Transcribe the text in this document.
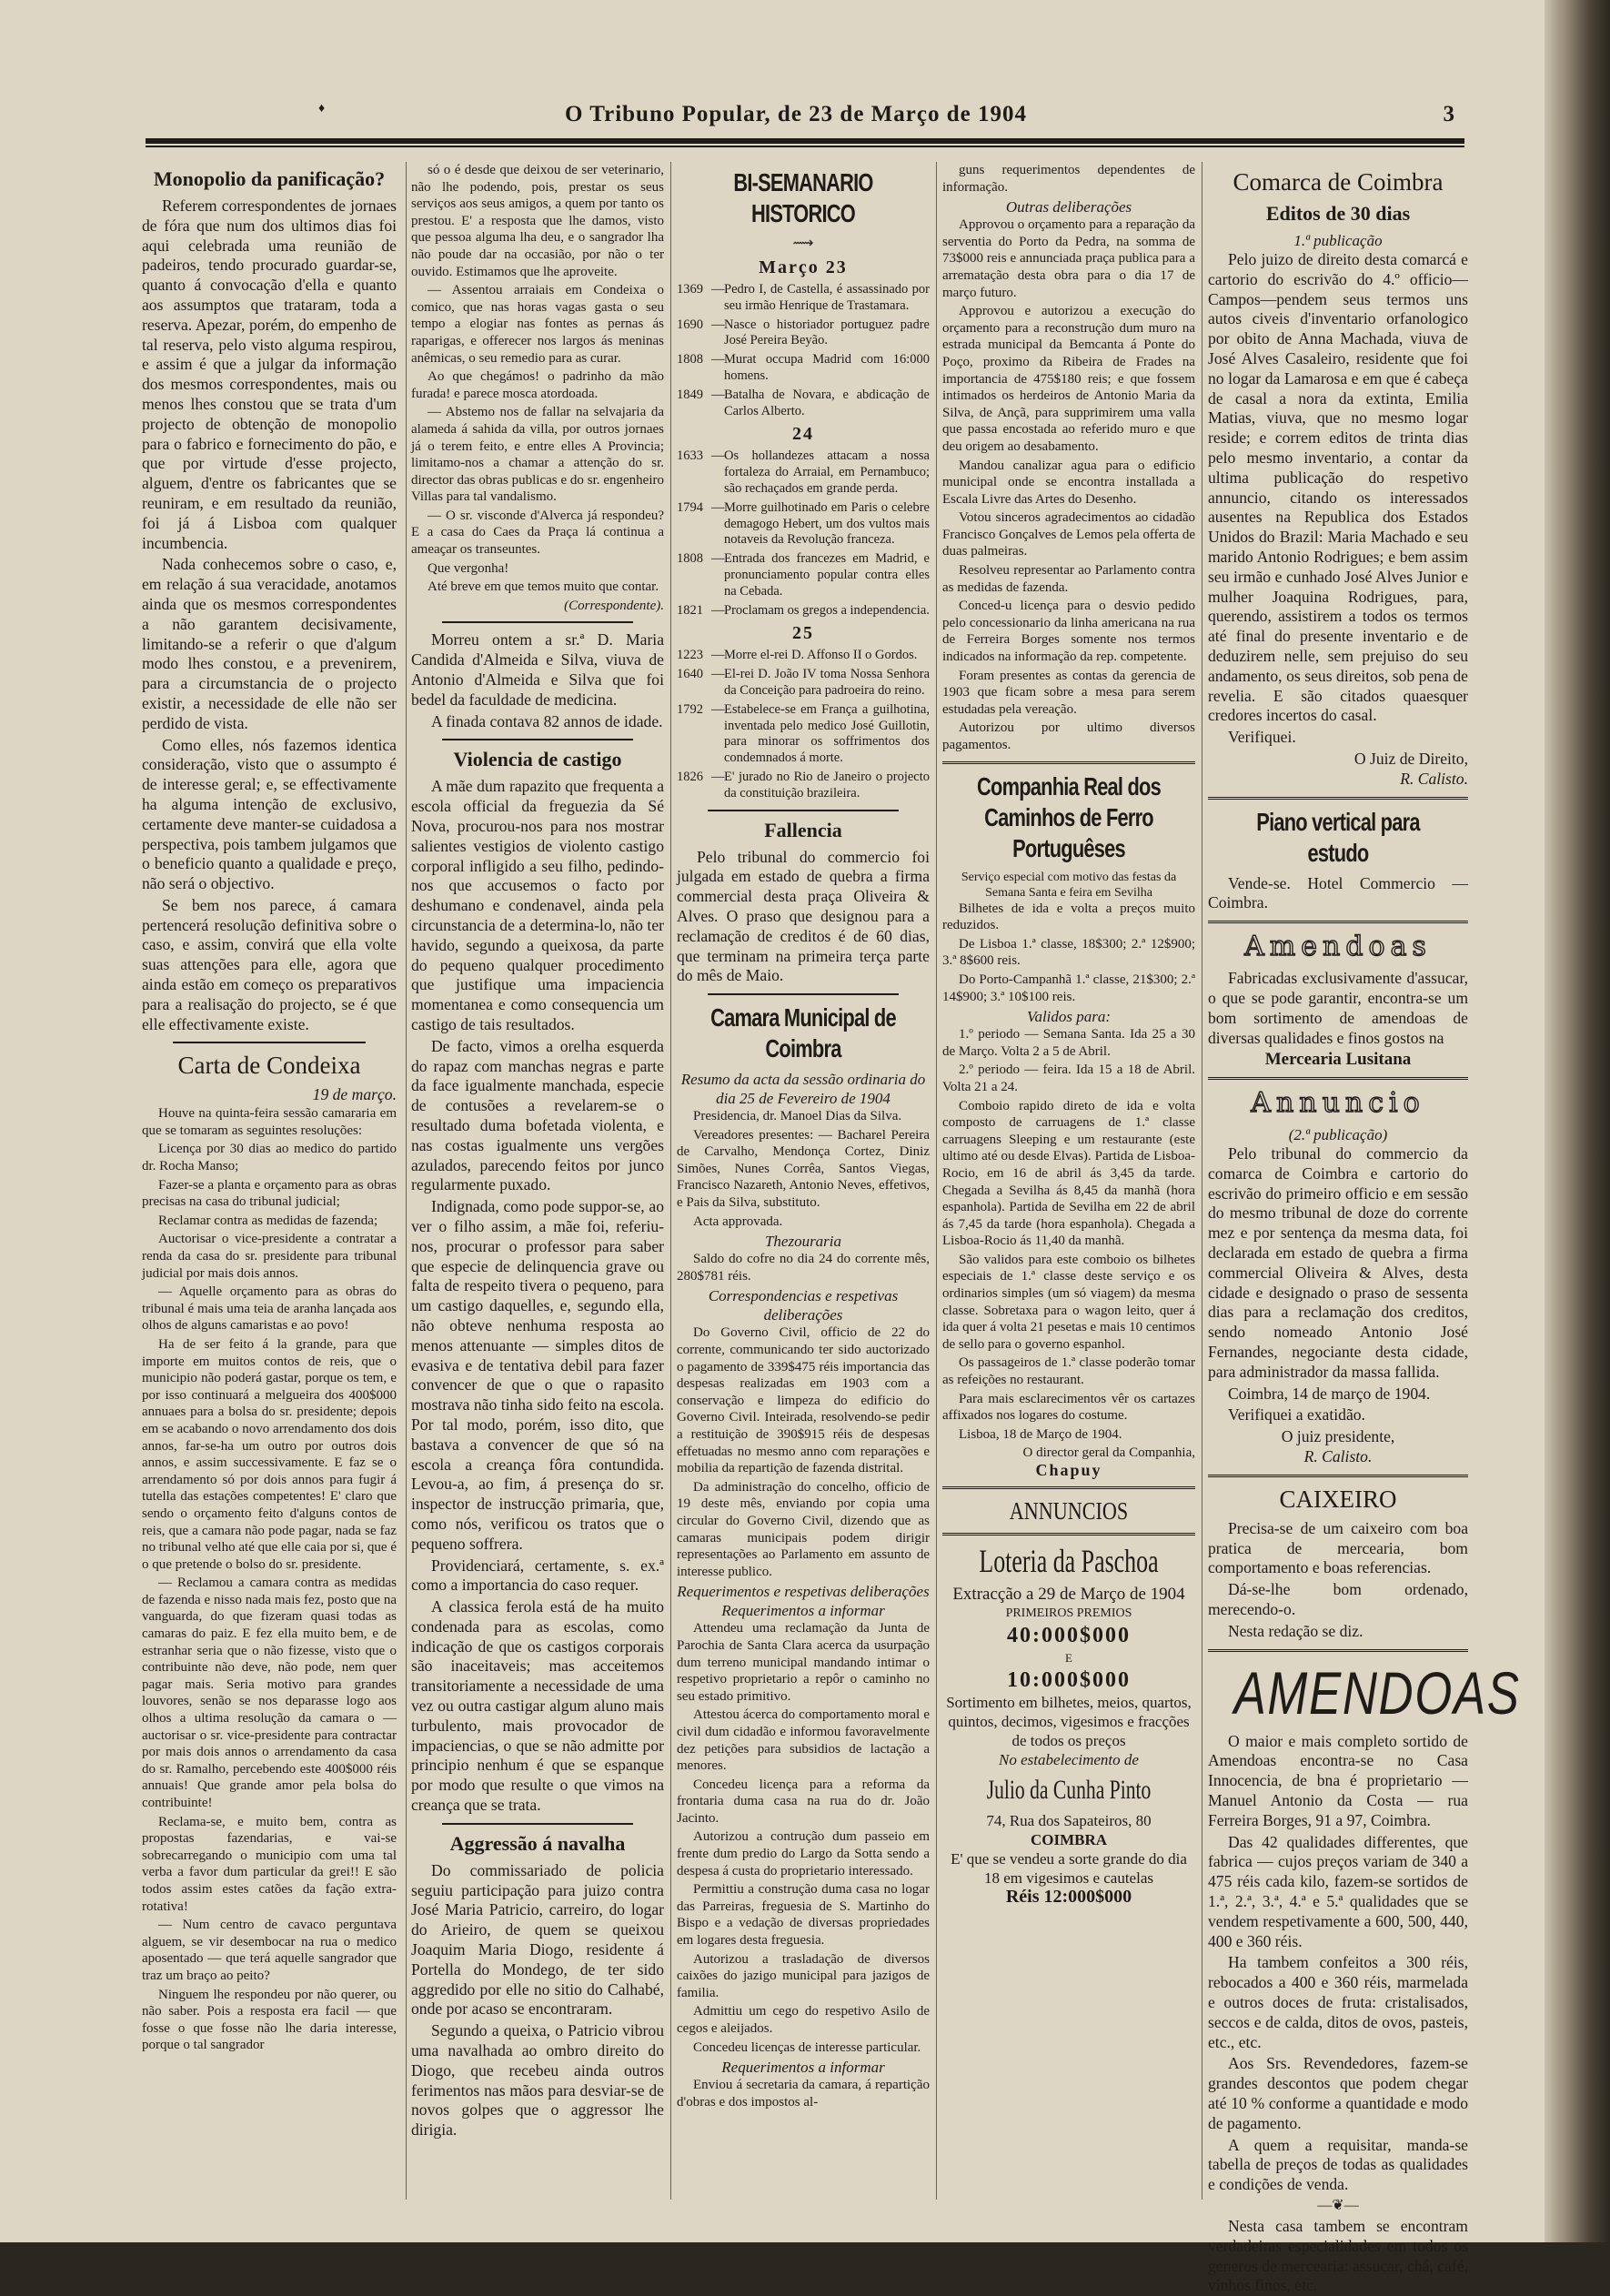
♦	O Tribuno Popular, de 23 de Março de 1904	3
Monopolio da panificação?

Referem correspondentes de jornaes de fóra que num dos ultimos dias foi aqui celebrada uma reunião de padeiros, tendo procurado guardar-se, quanto á convocação d'ella e quanto aos assumptos que trataram, toda a reserva. Apezar, porém, do empenho de tal reserva, pelo visto alguma respirou, e assim é que a julgar da informação dos mesmos correspondentes, mais ou menos lhes constou que se trata d'um projecto de obtenção de monopolio para o fabrico e fornecimento do pão, e que por virtude d'esse projecto, alguem, d'entre os fabricantes que se reuniram, e em resultado da reunião, foi já á Lisboa com qualquer incumbencia.

Nada conhecemos sobre o caso, e, em relação á sua veracidade, anotamos ainda que os mesmos correspondentes a não garantem decisivamente, limitando-se a referir o que d'algum modo lhes constou, e a prevenirem, para a circumstancia de o projecto existir, a necessidade de elle não ser perdido de vista.

Como elles, nós fazemos identica consideração, visto que o assumpto é de interesse geral; e, se effectivamente ha alguma intenção de exclusivo, certamente deve manter-se cuidadosa a perspectiva, pois tambem julgamos que o beneficio quanto a qualidade e preço, não será o objectivo.

Se bem nos parece, á camara pertencerá resolução definitiva sobre o caso, e assim, convirá que ella volte suas attenções para elle, agora que ainda estão em começo os preparativos para a realisação do projecto, se é que elle effectivamente existe.

Carta de Condeixa
19 de março.

Houve na quinta-feira sessão camararia em que se tomaram as seguintes resoluções:

Licença por 30 dias ao medico do partido dr. Rocha Manso;

Fazer-se a planta e orçamento para as obras precisas na casa do tribunal judicial;

Reclamar contra as medidas de fazenda;

Auctorisar o vice-presidente a contratar a renda da casa do sr. presidente para tribunal judicial por mais dois annos.

— Aquelle orçamento para as obras do tribunal é mais uma teia de aranha lançada aos olhos de alguns camaristas e ao povo!

Ha de ser feito á la grande, para que importe em muitos contos de reis, que o municipio não poderá gastar, porque os tem, e por isso continuará a melgueira dos 400$000 annuaes para a bolsa do sr. presidente; depois em se acabando o novo arrendamento dos dois annos, far-se-ha um outro por outros dois annos, e assim successivamente. E faz se o arrendamento só por dois annos para fugir á tutella das estações competentes! E' claro que sendo o orçamento feito d'alguns contos de reis, que a camara não pode pagar, nada se faz no tribunal velho até que elle caia por si, que é o que pretende o bolso do sr. presidente.

— Reclamou a camara contra as medidas de fazenda e nisso nada mais fez, posto que na vanguarda, do que fizeram quasi todas as camaras do paiz. E fez ella muito bem, e de estranhar seria que o não fizesse, visto que o contribuinte não deve, não pode, nem quer pagar mais. Seria motivo para grandes louvores, senão se nos deparasse logo aos olhos a ultima resolução da camara o — auctorisar o sr. vice-presidente para contractar por mais dois annos o arrendamento da casa do sr. Ramalho, percebendo este 400$000 réis annuais! Que grande amor pela bolsa do contribuinte!

Reclama-se, e muito bem, contra as propostas fazendarias, e vai-se sobrecarregando o municipio com uma tal verba a favor dum particular da grei!! E são todos assim estes catões da fação extra-rotativa!

— Num centro de cavaco perguntava alguem, se vir desembocar na rua o medico aposentado — que terá aquelle sangrador que traz um braço ao peito?

Ninguem lhe respondeu por não querer, ou não saber. Pois a resposta era facil — que fosse o que fosse não lhe daria interesse, porque o tal sangrador

só o é desde que deixou de ser veterinario, não lhe podendo, pois, prestar os seus serviços aos seus amigos, a quem por tanto os prestou. E' a resposta que lhe damos, visto que pessoa alguma lha deu, e o sangrador lha não poude dar na occasião, por não o ter ouvido. Estimamos que lhe aproveite.

— Assentou arraiais em Condeixa o comico, que nas horas vagas gasta o seu tempo a elogiar nas fontes as pernas ás raparigas, e offerecer nos largos ás meninas anêmicas, o seu remedio para as curar.

Ao que chegámos! o padrinho da mão furada! e parece mosca atordoada.

— Abstemo nos de fallar na selvajaria da alameda á sahida da villa, por outros jornaes já o terem feito, e entre elles A Provincia; limitamo-nos a chamar a attenção do sr. director das obras publicas e do sr. engenheiro Villas para tal vandalismo.

— O sr. visconde d'Alverca já respondeu? E a casa do Caes da Praça lá continua a ameaçar os transeuntes.

Que vergonha!

Até breve em que temos muito que contar.

(Correspondente).

Morreu ontem a sr.ª D. Maria Candida d'Almeida e Silva, viuva de Antonio d'Almeida e Silva que foi bedel da faculdade de medicina.

A finada contava 82 annos de idade.

Violencia de castigo

A mãe dum rapazito que frequenta a escola official da freguezia da Sé Nova, procurou-nos para nos mostrar salientes vestigios de violento castigo corporal infligido a seu filho, pedindo-nos que accusemos o facto por deshumano e condenavel, ainda pela circunstancia de a determina-lo, não ter havido, segundo a queixosa, da parte do pequeno qualquer procedimento que justifique uma impaciencia momentanea e como consequencia um castigo de tais resultados.

De facto, vimos a orelha esquerda do rapaz com manchas negras e parte da face igualmente manchada, especie de contusões a revelarem-se o resultado duma bofetada violenta, e nas costas igualmente uns vergões azulados, parecendo feitos por junco regularmente puxado.

Indignada, como pode suppor-se, ao ver o filho assim, a mãe foi, referiu-nos, procurar o professor para saber que especie de delinquencia grave ou falta de respeito tivera o pequeno, para um castigo daquelles, e, segundo ella, não obteve nenhuma resposta ao menos attenuante — simples ditos de evasiva e de tentativa debil para fazer convencer de que o que o rapasito mostrava não tinha sido feito na escola. Por tal modo, porém, isso dito, que bastava a convencer de que só na escola a creança fôra contundida. Levou-a, ao fim, á presença do sr. inspector de instrucção primaria, que, como nós, verificou os tratos que o pequeno soffrera.

Providenciará, certamente, s. ex.ª como a importancia do caso requer.

A classica ferola está de ha muito condenada para as escolas, como indicação de que os castigos corporais são inaceitaveis; mas acceitemos transitoriamente a necessidade de uma vez ou outra castigar algum aluno mais turbulento, mais provocador de impaciencias, o que se não admitte por principio nenhum é que se espanque por modo que resulte o que vimos na creança que se trata.

Aggressão á navalha

Do commissariado de policia seguiu participação para juizo contra José Maria Patricio, carreiro, do logar do Arieiro, de quem se queixou Joaquim Maria Diogo, residente á Portella do Mondego, de ter sido aggredido por elle no sitio do Calhabé, onde por acaso se encontraram.

Segundo a queixa, o Patricio vibrou uma navalhada ao ombro direito do Diogo, que recebeu ainda outros ferimentos nas mãos para desviar-se de novos golpes que o aggressor lhe dirigia.

BI-SEMANARIO HISTORICO
⟿
Março 23
1369 — Pedro I, de Castella, é assassinado por seu irmão Henrique de Trastamara.
1690 — Nasce o historiador portuguez padre José Pereira Beyão.
1808 — Murat occupa Madrid com 16:000 homens.
1849 — Batalha de Novara, e abdicação de Carlos Alberto.
24
1633 — Os hollandezes attacam a nossa fortaleza do Arraial, em Pernambuco; são rechaçados em grande perda.
1794 — Morre guilhotinado em Paris o celebre demagogo Hebert, um dos vultos mais notaveis da Revolução franceza.
1808 — Entrada dos francezes em Madrid, e pronunciamento popular contra elles na Cebada.
1821 — Proclamam os gregos a independencia.
25
1223 — Morre el-rei D. Affonso II o Gordos.
1640 — El-rei D. João IV toma Nossa Senhora da Conceição para padroeira do reino.
1792 — Estabelece-se em França a guilhotina, inventada pelo medico José Guillotin, para minorar os soffrimentos dos condemnados á morte.
1826 — E' jurado no Rio de Janeiro o projecto da constituição brazileira.
Fallencia

Pelo tribunal do commercio foi julgada em estado de quebra a firma commercial desta praça Oliveira & Alves. O praso que designou para a reclamação de creditos é de 60 dias, que terminam na primeira terça parte do mês de Maio.

Camara Municipal de Coimbra
Resumo da acta da sessão ordinaria do dia 25 de Fevereiro de 1904

Presidencia, dr. Manoel Dias da Silva.

Vereadores presentes: — Bacharel Pereira de Carvalho, Mendonça Cortez, Diniz Simões, Nunes Corrêa, Santos Viegas, Francisco Nazareth, Antonio Neves, effetivos, e Pais da Silva, substituto.

Acta approvada.

Thezouraria

Saldo do cofre no dia 24 do corrente mês, 280$781 réis.

Correspondencias e respetivas deliberações

Do Governo Civil, officio de 22 do corrente, communicando ter sido auctorizado o pagamento de 339$475 réis importancia das despesas realizadas em 1903 com a conservação e limpeza do edificio do Governo Civil. Inteirada, resolvendo-se pedir a restituição de 390$915 réis de despesas effetuadas no mesmo anno com reparações e mobilia da repartição de fazenda distrital.

Da administração do concelho, officio de 19 deste mês, enviando por copia uma circular do Governo Civil, dizendo que as camaras municipais podem dirigir representações ao Parlamento em assunto de interesse publico.

Requerimentos e respetivas deliberações
Requerimentos a informar

Attendeu uma reclamação da Junta de Parochia de Santa Clara acerca da usurpação dum terreno municipal mandando intimar o respetivo proprietario a repôr o caminho no seu estado primitivo.

Attestou ácerca do comportamento moral e civil dum cidadão e informou favoravelmente dez petições para subsidios de lactação a menores.

Concedeu licença para a reforma da frontaria duma casa na rua do dr. João Jacinto.

Autorizou a contrução dum passeio em frente dum predio do Largo da Sotta sendo a despesa á custa do proprietario interessado.

Permittiu a construção duma casa no logar das Parreiras, freguesia de S. Martinho do Bispo e a vedação de diversas propriedades em logares desta freguesia.

Autorizou a trasladação de diversos caixões do jazigo municipal para jazigos de familia.

Admittiu um cego do respetivo Asilo de cegos e aleijados.

Concedeu licenças de interesse particular.

Requerimentos a informar

Enviou á secretaria da camara, á repartição d'obras e dos impostos al-

guns requerimentos dependentes de informação.

Outras deliberações

Approvou o orçamento para a reparação da serventia do Porto da Pedra, na somma de 73$000 reis e annunciada praça publica para a arrematação desta obra para o dia 17 de março futuro.

Approvou e autorizou a execução do orçamento para a reconstrução dum muro na estrada municipal da Bemcanta á Ponte do Poço, proximo da Ribeira de Frades na importancia de 475$180 reis; e que fossem intimados os herdeiros de Antonio Maria da Silva, de Ançã, para supprimirem uma valla que passa encostada ao referido muro e que deu origem ao desabamento.

Mandou canalizar agua para o edificio municipal onde se encontra installada a Escala Livre das Artes do Desenho.

Votou sinceros agradecimentos ao cidadão Francisco Gonçalves de Lemos pela offerta de duas palmeiras.

Resolveu representar ao Parlamento contra as medidas de fazenda.

Conced-u licença para o desvio pedido pelo concessionario da linha americana na rua de Ferreira Borges somente nos termos indicados na informação da rep. competente.

Foram presentes as contas da gerencia de 1903 que ficam sobre a mesa para serem estudadas pela vereação.

Autorizou por ultimo diversos pagamentos.

Companhia Real dos Caminhos de Ferro Portuguêses
Serviço especial com motivo das festas da Semana Santa e feira em Sevilha

Bilhetes de ida e volta a preços muito reduzidos.

De Lisboa 1.ª classe, 18$300; 2.ª 12$900; 3.ª 8$600 reis.

Do Porto-Campanhã 1.ª classe, 21$300; 2.ª 14$900; 3.ª 10$100 reis.

Validos para:

1.º periodo — Semana Santa. Ida 25 a 30 de Março. Volta 2 a 5 de Abril.

2.º periodo — feira. Ida 15 a 18 de Abril. Volta 21 a 24.

Comboio rapido direto de ida e volta composto de carruagens de 1.ª classe carruagens Sleeping e um restaurante (este ultimo até ou desde Elvas). Partida de Lisboa-Rocio, em 16 de abril ás 3,45 da tarde. Chegada a Sevilha ás 8,45 da manhã (hora espanhola). Partida de Sevilha em 22 de abril ás 7,45 da tarde (hora espanhola). Chegada a Lisboa-Rocio ás 11,40 da manhã.

São validos para este comboio os bilhetes especiais de 1.ª classe deste serviço e os ordinarios simples (um só viagem) da mesma classe. Sobretaxa para o wagon leito, quer á ida quer á volta 21 pesetas e mais 10 centimos de sello para o governo espanhol.

Os passageiros de 1.ª classe poderão tomar as refeições no restaurant.

Para mais esclarecimentos vêr os cartazes affixados nos logares do costume.

Lisboa, 18 de Março de 1904.

O director geral da Companhia,
Chapuy
ANNUNCIOS
Loteria da Paschoa
Extracção a 29 de Março de 1904
PRIMEIROS PREMIOS
40:000$000
E
10:000$000
Sortimento em bilhetes, meios, quartos, quintos, decimos, vigesimos e fracções de todos os preços
No estabelecimento de
Julio da Cunha Pinto
74, Rua dos Sapateiros, 80
COIMBRA
E' que se vendeu a sorte grande do dia 18 em vigesimos e cautelas
Réis 12:000$000
Comarca de Coimbra
Editos de 30 dias
1.ª publicação

Pelo juizo de direito desta comarcá e cartorio do escrivão do 4.º officio—Campos—pendem seus termos uns autos civeis d'inventario orfanologico por obito de Anna Machada, viuva de José Alves Casaleiro, residente que foi no logar da Lamarosa e em que é cabeça de casal a nora da extinta, Emilia Matias, viuva, que no mesmo logar reside; e correm editos de trinta dias pelo mesmo inventario, a contar da ultima publicação do respetivo annuncio, citando os interessados ausentes na Republica dos Estados Unidos do Brazil: Maria Machado e seu marido Antonio Rodrigues; e bem assim seu irmão e cunhado José Alves Junior e mulher Joaquina Rodrigues, para, querendo, assistirem a todos os termos até final do presente inventario e de deduzirem nelle, sem prejuiso do seu andamento, os seus direitos, sob pena de revelia. E são citados quaesquer credores incertos do casal.

Verifiquei.

O Juiz de Direito,
R. Calisto.
Piano vertical para estudo

Vende-se. Hotel Commercio — Coimbra.

Amendoas

Fabricadas exclusivamente d'assucar, o que se pode garantir, encontra-se um bom sortimento de amendoas de diversas qualidades e finos gostos na

Mercearia Lusitana
Annuncio
(2.ª publicação)

Pelo tribunal do commercio da comarca de Coimbra e cartorio do escrivão do primeiro officio e em sessão do mesmo tribunal de doze do corrente mez e por sentença da mesma data, foi declarada em estado de quebra a firma commercial Oliveira & Alves, desta cidade e designado o praso de sessenta dias para a reclamação dos creditos, sendo nomeado Antonio José Fernandes, negociante desta cidade, para administrador da massa fallida.

Coimbra, 14 de março de 1904.

Verifiquei a exatidão.

O juiz presidente,
R. Calisto.
CAIXEIRO

Precisa-se de um caixeiro com boa pratica de mercearia, bom comportamento e boas referencias.

Dá-se-lhe bom ordenado, merecendo-o.

Nesta redação se diz.

AMENDOAS

O maior e mais completo sortido de Amendoas encontra-se no Casa Innocencia, de bna é proprietario — Manuel Antonio da Costa — rua Ferreira Borges, 91 a 97, Coimbra.

Das 42 qualidades differentes, que fabrica — cujos preços variam de 340 a 475 réis cada kilo, fazem-se sortidos de 1.ª, 2.ª, 3.ª, 4.ª e 5.ª qualidades que se vendem respetivamente a 600, 500, 440, 400 e 360 réis.

Ha tambem confeitos a 300 réis, rebocados a 400 e 360 réis, marmelada e outros doces de fruta: cristalisados, seccos e de calda, ditos de ovos, pasteis, etc., etc.

Aos Srs. Revendedores, fazem-se grandes descontos que podem chegar até 10 % conforme a quantidade e modo de pagamento.

A quem a requisitar, manda-se tabella de preços de todas as qualidades e condições de venda.

—❦—

Nesta casa tambem se encontram verdadeiras especialidades em todos os generos de mercearia: assucar, chá, café, vinhos finos, etc.
